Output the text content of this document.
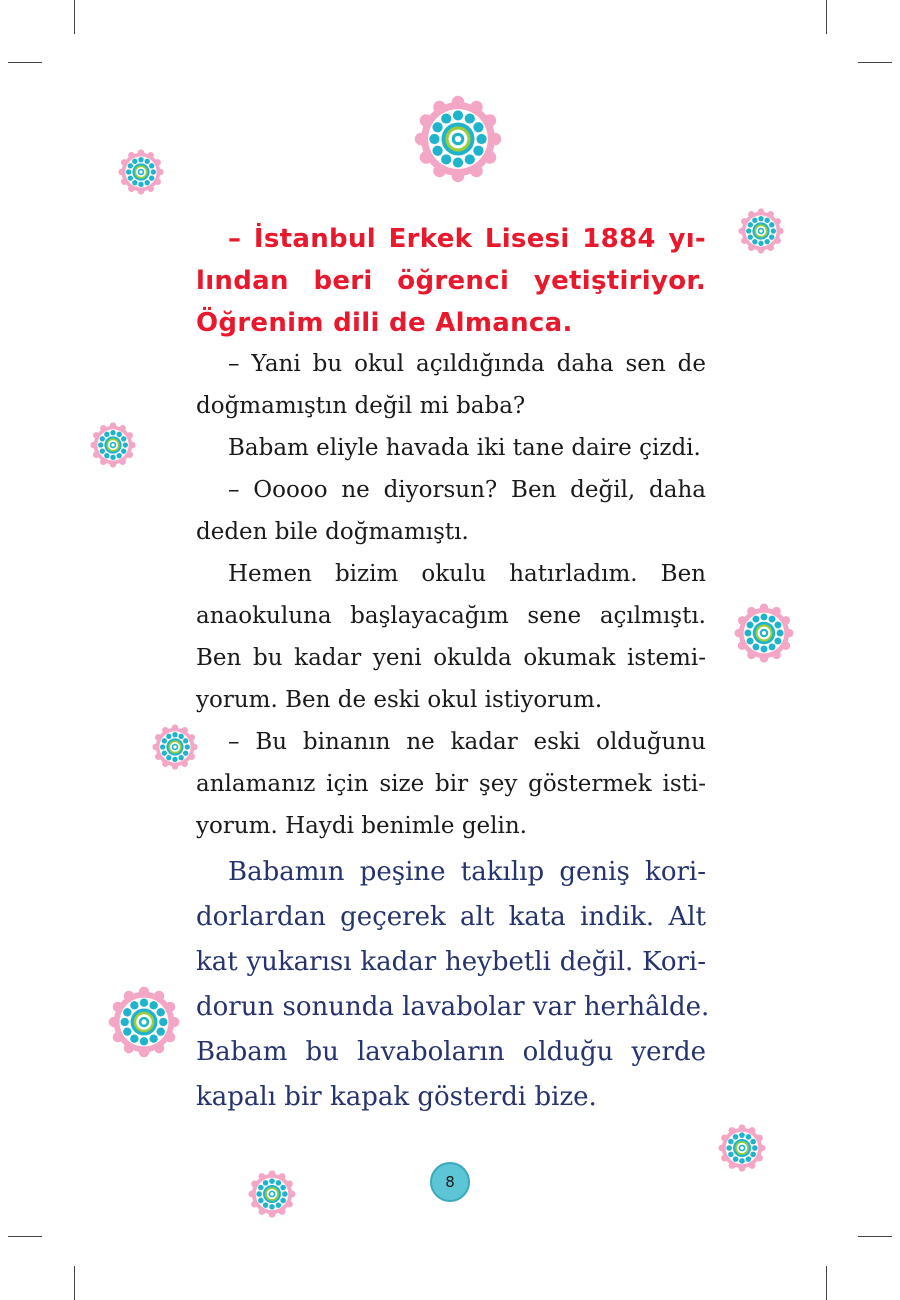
– İstanbul Erkek Lisesi 1884 yı-
lından beri öğrenci yetiştiriyor.
Öğrenim dili de Almanca.
– Yani bu okul açıldığında daha sen de
doğmamıştın değil mi baba?
Babam eliyle havada iki tane daire çizdi.
– Ooooo ne diyorsun? Ben değil, daha
deden bile doğmamıştı.
Hemen bizim okulu hatırladım. Ben
anaokuluna başlayacağım sene açılmıştı.
Ben bu kadar yeni okulda okumak istemi-
yorum. Ben de eski okul istiyorum.
– Bu binanın ne kadar eski olduğunu
anlamanız için size bir şey göstermek isti-
yorum. Haydi benimle gelin.
Babamın peşine takılıp geniş kori-
dorlardan geçerek alt kata indik. Alt
kat yukarısı kadar heybetli değil. Kori-
dorun sonunda lavabolar var herhâlde.
Babam bu lavaboların olduğu yerde
kapalı bir kapak gösterdi bize.
8
